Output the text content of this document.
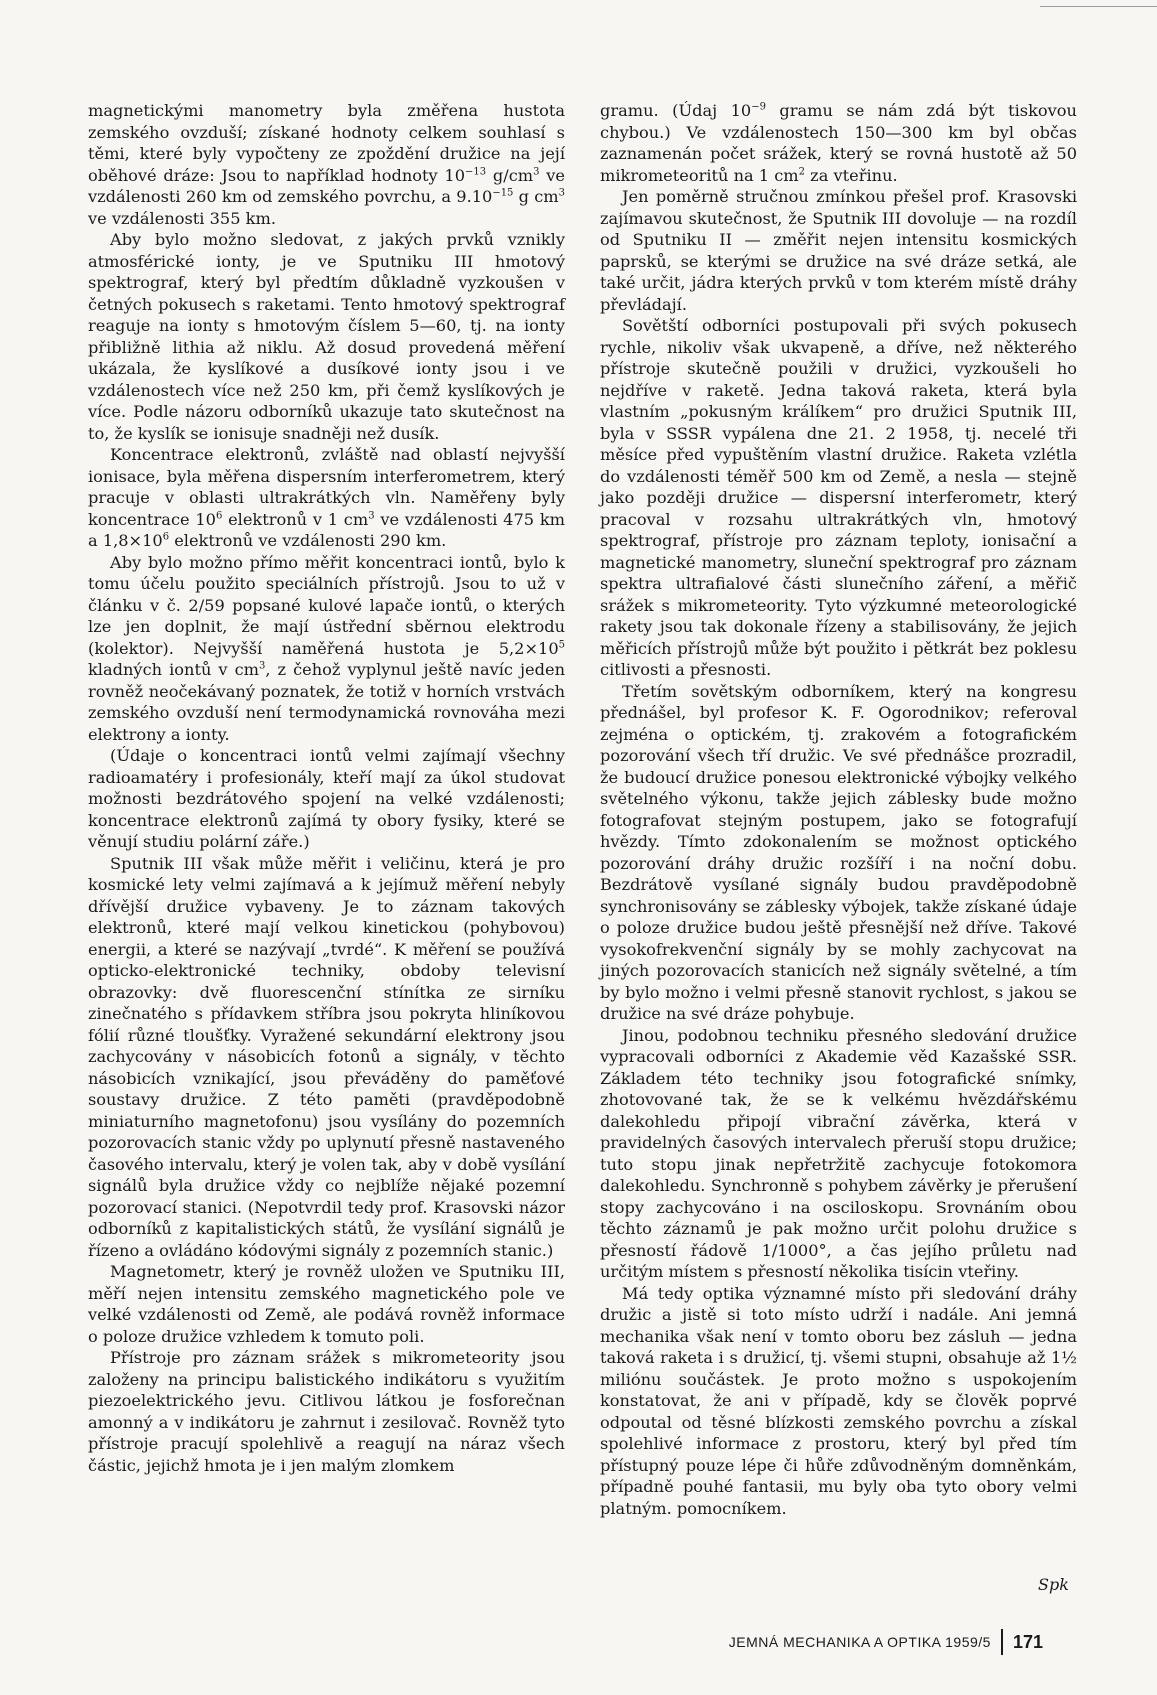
magnetickými manometry byla změřena hustota zemského ovzduší; získané hodnoty celkem souhlasí s těmi, které byly vypočteny ze zpoždění družice na její oběhové dráze: Jsou to například hodnoty $10^{-13}$ $g/cm^3$ ve vzdálenosti 260 km od zemského povrchu, a $9.10^{-15}$ g $cm^3$ ve vzdálenosti 355 km.

Aby bylo možno sledovat, z jakých prvků vznikly atmosférické ionty, je ve Sputniku III hmotový spektrograf, který byl předtím důkladně vyzkoušen v četných pokusech s raketami. Tento hmotový spektrograf reaguje na ionty s hmotovým číslem 5—60, tj. na ionty přibližně lithia až niklu. Až dosud provedená měření ukázala, že kyslíkové a dusíkové ionty jsou i ve vzdálenostech více než 250 km, při čemž kyslíkových je více. Podle názoru odborníků ukazuje tato skutečnost na to, že kyslík se ionisuje snadněji než dusík.

Koncentrace elektronů, zvláště nad oblastí nejvyšší ionisace, byla měřena dispersním interferometrem, který pracuje v oblasti ultrakrátkých vln. Naměřeny byly koncentrace $10^6$ elektronů v 1 $cm^3$ ve vzdálenosti 475 km a $1,8\times 10^6$ elektronů ve vzdálenosti 290 km.

Aby bylo možno přímo měřit koncentraci iontů, bylo k tomu účelu použito speciálních přístrojů. Jsou to už v článku v č. 2/59 popsané kulové lapače iontů, o kterých lze jen doplnit, že mají ústřední sběrnou elektrodu (kolektor). Nejvyšší naměřená hustota je $5,2\times 10^5$ kladných iontů v $cm^3$, z čehož vyplynul ještě navíc jeden rovněž neočekávaný poznatek, že totiž v horních vrstvách zemského ovzduší není termodynamická rovnováha mezi elektrony a ionty.

(Údaje o koncentraci iontů velmi zajímají všechny radioamatéry i profesionály, kteří mají za úkol studovat možnosti bezdrátového spojení na velké vzdálenosti; koncentrace elektronů zajímá ty obory fysiky, které se věnují studiu polární záře.)

Sputnik III však může měřit i veličinu, která je pro kosmické lety velmi zajímavá a k jejímuž měření nebyly dřívější družice vybaveny. Je to záznam takových elektronů, které mají velkou kinetickou (pohybovou) energii, a které se nazývají „tvrdé“. K měření se používá opticko-elektronické techniky, obdoby televisní obrazovky: dvě fluorescenční stínítka ze sirníku zinečnatého s přídavkem stříbra jsou pokryta hliníkovou fólií různé tloušťky. Vyražené sekundární elektrony jsou zachycovány v násobicích fotonů a signály, v těchto násobicích vznikající, jsou převáděny do paměťové soustavy družice. Z této paměti (pravděpodobně miniaturního magnetofonu) jsou vysílány do pozemních pozorovacích stanic vždy po uplynutí přesně nastaveného časového intervalu, který je volen tak, aby v době vysílání signálů byla družice vždy co nejblíže nějaké pozemní pozorovací stanici. (Nepotvrdil tedy prof. Krasovski názor odborníků z kapitalistických států, že vysílání signálů je řízeno a ovládáno kódovými signály z pozemních stanic.)

Magnetometr, který je rovněž uložen ve Sputniku III, měří nejen intensitu zemského magnetického pole ve velké vzdálenosti od Země, ale podává rovněž informace o poloze družice vzhledem k tomuto poli.

Přístroje pro záznam srážek s mikrometeority jsou založeny na principu balistického indikátoru s využitím piezoelektrického jevu. Citlivou látkou je fosforečnan amonný a v indikátoru je zahrnut i zesilovač. Rovněž tyto přístroje pracují spolehlivě a reagují na náraz všech částic, jejichž hmota je i jen malým zlomkem

gramu. (Údaj $10^{-9}$ gramu se nám zdá být tiskovou chybou.) Ve vzdálenostech 150—300 km byl občas zaznamenán počet srážek, který se rovná hustotě až 50 mikrometeoritů na 1 $cm^2$ za vteřinu.

Jen poměrně stručnou zmínkou přešel prof. Krasovski zajímavou skutečnost, že Sputnik III dovoluje — na rozdíl od Sputniku II — změřit nejen intensitu kosmických paprsků, se kterými se družice na své dráze setká, ale také určit, jádra kterých prvků v tom kterém místě dráhy převládají.

Sovětští odborníci postupovali při svých pokusech rychle, nikoliv však ukvapeně, a dříve, než některého přístroje skutečně použili v družici, vyzkoušeli ho nejdříve v raketě. Jedna taková raketa, která byla vlastním „pokusným králíkem“ pro družici Sputnik III, byla v SSSR vypálena dne 21. 2 1958, tj. necelé tři měsíce před vypuštěním vlastní družice. Raketa vzlétla do vzdálenosti téměř 500 km od Země, a nesla — stejně jako později družice — dispersní interferometr, který pracoval v rozsahu ultrakrátkých vln, hmotový spektrograf, přístroje pro záznam teploty, ionisační a magnetické manometry, sluneční spektrograf pro záznam spektra ultrafialové části slunečního záření, a měřič srážek s mikrometeority. Tyto výzkumné meteorologické rakety jsou tak dokonale řízeny a stabilisovány, že jejich měřicích přístrojů může být použito i pětkrát bez poklesu citlivosti a přesnosti.

Třetím sovětským odborníkem, který na kongresu přednášel, byl profesor K. F. Ogorodnikov; referoval zejména o optickém, tj. zrakovém a fotografickém pozorování všech tří družic. Ve své přednášce prozradil, že budoucí družice ponesou elektronické výbojky velkého světelného výkonu, takže jejich záblesky bude možno fotografovat stejným postupem, jako se fotografují hvězdy. Tímto zdokonalením se možnost optického pozorování dráhy družic rozšíří i na noční dobu. Bezdrátově vysílané signály budou pravděpodobně synchronisovány se záblesky výbojek, takže získané údaje o poloze družice budou ještě přesnější než dříve. Takové vysokofrekvenční signály by se mohly zachycovat na jiných pozorovacích stanicích než signály světelné, a tím by bylo možno i velmi přesně stanovit rychlost, s jakou se družice na své dráze pohybuje.

Jinou, podobnou techniku přesného sledování družice vypracovali odborníci z Akademie věd Kazašské SSR. Základem této techniky jsou fotografické snímky, zhotovované tak, že se k velkému hvězdářskému dalekohledu připojí vibrační závěrka, která v pravidelných časových intervalech přeruší stopu družice; tuto stopu jinak nepřetržitě zachycuje fotokomora dalekohledu. Synchronně s pohybem závěrky je přerušení stopy zachycováno i na osciloskopu. Srovnáním obou těchto záznamů je pak možno určit polohu družice s přesností řádově 1/1000°, a čas jejího průletu nad určitým místem s přesností několika tisícin vteřiny.

Má tedy optika významné místo při sledování dráhy družic a jistě si toto místo udrží i nadále. Ani jemná mechanika však není v tomto oboru bez zásluh — jedna taková raketa i s družicí, tj. všemi stupni, obsahuje až 1½ miliónu součástek. Je proto možno s uspokojením konstatovat, že ani v případě, kdy se člověk poprvé odpoutal od těsné blízkosti zemského povrchu a získal spolehlivé informace z prostoru, který byl před tím přístupný pouze lépe či hůře zdůvodněným domněnkám, případně pouhé fantasii, mu byly oba tyto obory velmi platným. pomocníkem.

Spk
JEMNÁ MECHANIKA A OPTIKA 1959/5 171
